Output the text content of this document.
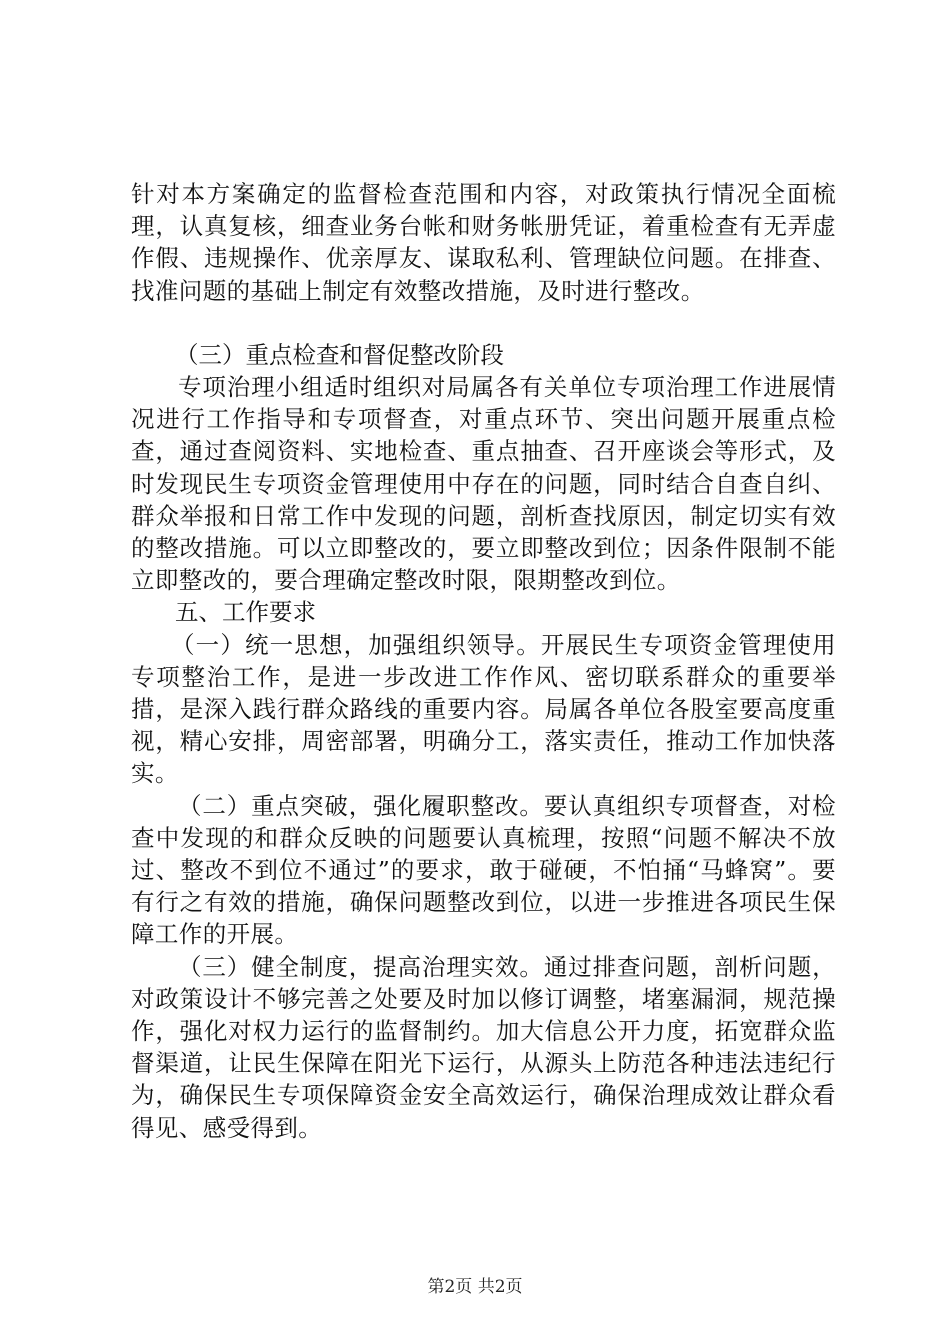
针对本方案确定的监督检查范围和内容，对政策执行情况全面梳理，认真复核，细查业务台帐和财务帐册凭证，着重检查有无弄虚作假、违规操作、优亲厚友、谋取私利、管理缺位问题。在排查、找准问题的基础上制定有效整改措施，及时进行整改。

（三）重点检查和督促整改阶段

专项治理小组适时组织对局属各有关单位专项治理工作进展情况进行工作指导和专项督查，对重点环节、突出问题开展重点检查，通过查阅资料、实地检查、重点抽查、召开座谈会等形式，及时发现民生专项资金管理使用中存在的问题，同时结合自查自纠、群众举报和日常工作中发现的问题，剖析查找原因，制定切实有效的整改措施。可以立即整改的，要立即整改到位；因条件限制不能立即整改的，要合理确定整改时限，限期整改到位。

五、工作要求

（一）统一思想，加强组织领导。开展民生专项资金管理使用专项整治工作，是进一步改进工作作风、密切联系群众的重要举措，是深入践行群众路线的重要内容。局属各单位各股室要高度重视，精心安排，周密部署，明确分工，落实责任，推动工作加快落实。

（二）重点突破，强化履职整改。要认真组织专项督查，对检查中发现的和群众反映的问题要认真梳理，按照“问题不解决不放过、整改不到位不通过”的要求，敢于碰硬，不怕捅“马蜂窝”。要有行之有效的措施，确保问题整改到位，以进一步推进各项民生保障工作的开展。

（三）健全制度，提高治理实效。通过排查问题，剖析问题，对政策设计不够完善之处要及时加以修订调整，堵塞漏洞，规范操作，强化对权力运行的监督制约。加大信息公开力度，拓宽群众监督渠道，让民生保障在阳光下运行，从源头上防范各种违法违纪行为，确保民生专项保障资金安全高效运行，确保治理成效让群众看得见、感受得到。

第2页 共2页
